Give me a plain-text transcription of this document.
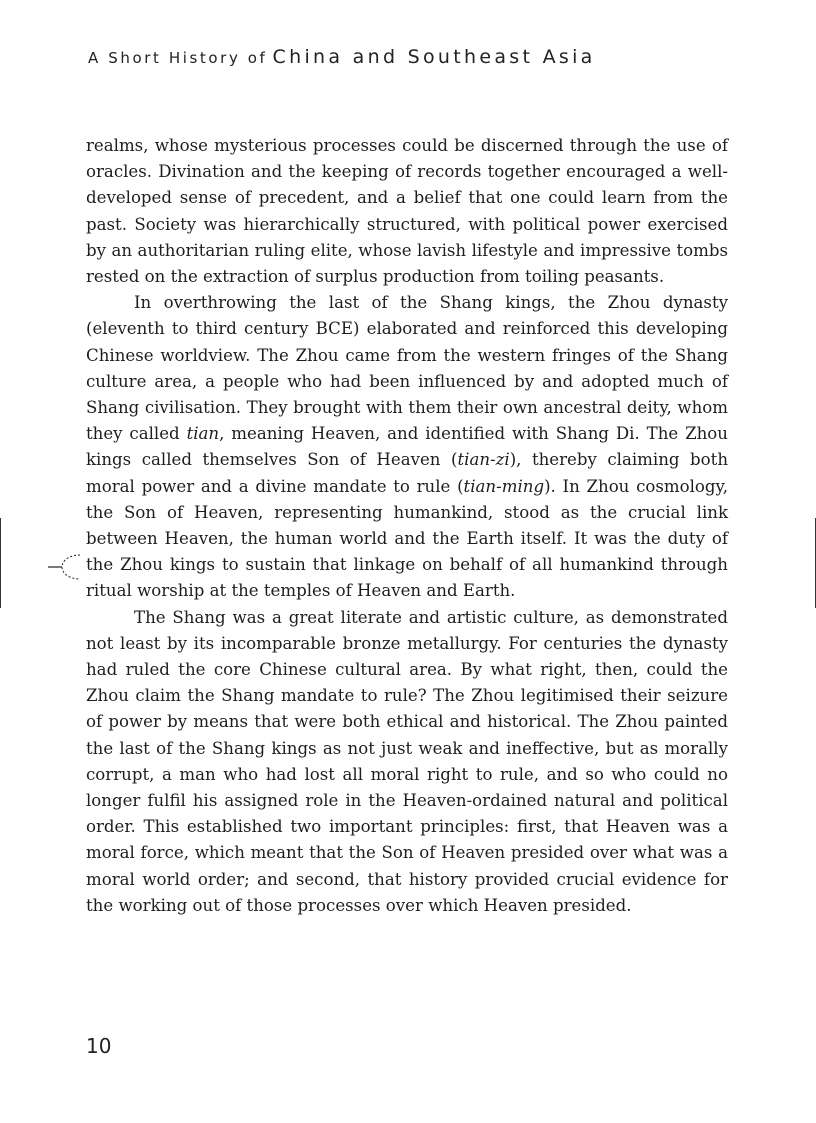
A Short History of China and Southeast Asia

realms, whose mysterious processes could be discerned through the use of oracles. Divination and the keeping of records together encouraged a well-developed sense of precedent, and a belief that one could learn from the past. Society was hierarchically structured, with political power exercised by an authoritarian ruling elite, whose lavish lifestyle and impressive tombs rested on the extraction of surplus production from toiling peasants.

In overthrowing the last of the Shang kings, the Zhou dynasty (eleventh to third century BCE) elaborated and reinforced this developing Chinese worldview. The Zhou came from the western fringes of the Shang culture area, a people who had been influenced by and adopted much of Shang civilisation. They brought with them their own ancestral deity, whom they called tian, meaning Heaven, and identified with Shang Di. The Zhou kings called themselves Son of Heaven (tian-zi), thereby claiming both moral power and a divine mandate to rule (tian-ming). In Zhou cosmology, the Son of Heaven, representing humankind, stood as the crucial link between Heaven, the human world and the Earth itself. It was the duty of the Zhou kings to sustain that linkage on behalf of all humankind through ritual worship at the temples of Heaven and Earth.

The Shang was a great literate and artistic culture, as demonstrated not least by its incomparable bronze metallurgy. For centuries the dynasty had ruled the core Chinese cultural area. By what right, then, could the Zhou claim the Shang mandate to rule? The Zhou legitimised their seizure of power by means that were both ethical and historical. The Zhou painted the last of the Shang kings as not just weak and ineffective, but as morally corrupt, a man who had lost all moral right to rule, and so who could no longer fulfil his assigned role in the Heaven-ordained natural and political order. This established two important principles: first, that Heaven was a moral force, which meant that the Son of Heaven presided over what was a moral world order; and second, that history provided crucial evidence for the working out of those processes over which Heaven presided.

10
